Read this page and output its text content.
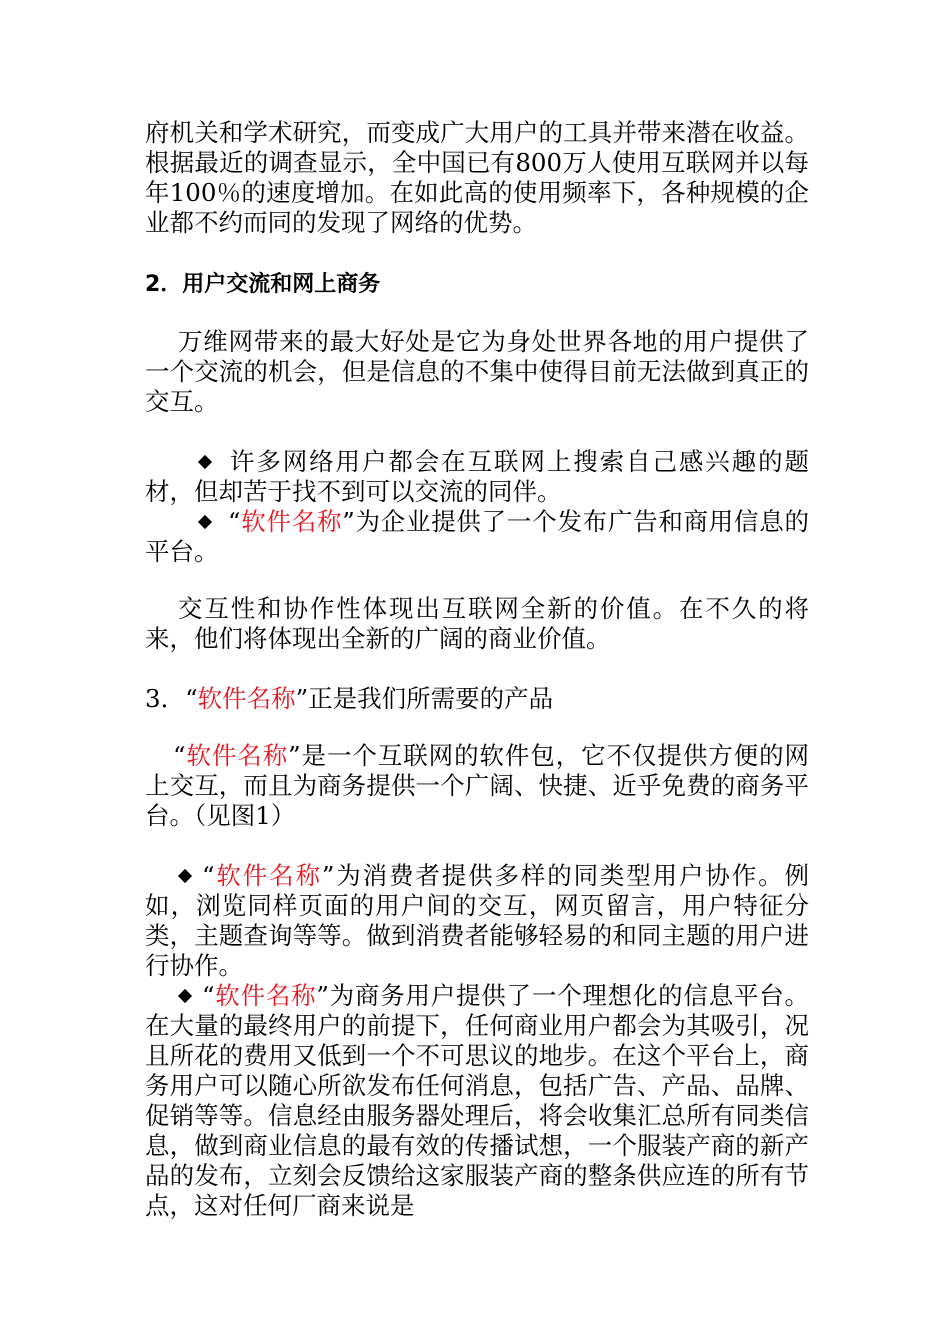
府机关和学术研究，而变成广大用户的工具并带来潜在收益。根据最近的调查显示，全中国已有800万人使用互联网并以每年100％的速度增加。在如此高的使用频率下，各种规模的企业都不约而同的发现了网络的优势。

2．用户交流和网上商务

万维网带来的最大好处是它为身处世界各地的用户提供了一个交流的机会，但是信息的不集中使得目前无法做到真正的交互。

许多网络用户都会在互联网上搜索自己感兴趣的题材，但却苦于找不到可以交流的同伴。

“软件名称”为企业提供了一个发布广告和商用信息的平台。

交互性和协作性体现出互联网全新的价值。在不久的将来，他们将体现出全新的广阔的商业价值。

3．“软件名称”正是我们所需要的产品

“软件名称”是一个互联网的软件包，它不仅提供方便的网上交互，而且为商务提供一个广阔、快捷、近乎免费的商务平台。（见图1）

“软件名称”为消费者提供多样的同类型用户协作。例如，浏览同样页面的用户间的交互，网页留言，用户特征分类，主题查询等等。做到消费者能够轻易的和同主题的用户进行协作。

“软件名称”为商务用户提供了一个理想化的信息平台。在大量的最终用户的前提下，任何商业用户都会为其吸引，况且所花的费用又低到一个不可思议的地步。在这个平台上，商务用户可以随心所欲发布任何消息，包括广告、产品、品牌、促销等等。信息经由服务器处理后，将会收集汇总所有同类信息，做到商业信息的最有效的传播试想，一个服装产商的新产品的发布，立刻会反馈给这家服装产商的整条供应连的所有节点，这对任何厂商来说是
